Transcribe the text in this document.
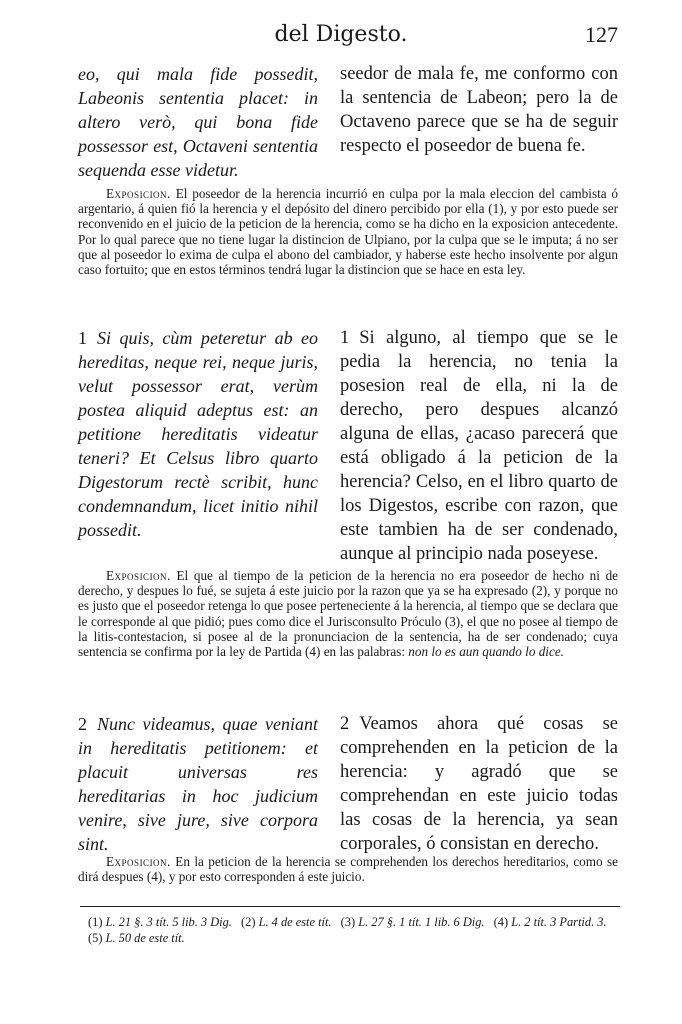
del Digesto.	127

eo, qui mala fide possedit, Labeonis sententia placet: in altero verò, qui bona fide possessor est, Octaveni sententia sequenda esse videtur.

seedor de mala fe, me conformo con la sentencia de Labeon; pero la de Octaveno parece que se ha de seguir respecto el poseedor de buena fe.

Exposicion. El poseedor de la herencia incurrió en culpa por la mala eleccion del cambista ó argentario, á quien fió la herencia y el depósito del dinero percibido por ella (1), y por esto puede ser reconvenido en el juicio de la peticion de la herencia, como se ha dicho en la exposicion antecedente. Por lo qual parece que no tiene lugar la distincion de Ulpiano, por la culpa que se le imputa; á no ser que al poseedor lo exima de culpa el abono del cambiador, y haberse este hecho insolvente por algun caso fortuito; que en estos términos tendrá lugar la distincion que se hace en esta ley.

1 Si quis, cùm peteretur ab eo hereditas, neque rei, neque juris, velut possessor erat, verùm postea aliquid adeptus est: an petitione hereditatis videatur teneri? Et Celsus libro quarto Digestorum rectè scribit, hunc condemnandum, licet initio nihil possedit.

1 Si alguno, al tiempo que se le pedia la herencia, no tenia la posesion real de ella, ni la de derecho, pero despues alcanzó alguna de ellas, ¿acaso parecerá que está obligado á la peticion de la herencia? Celso, en el libro quarto de los Digestos, escribe con razon, que este tambien ha de ser condenado, aunque al principio nada poseyese.

Exposicion. El que al tiempo de la peticion de la herencia no era poseedor de hecho ni de derecho, y despues lo fué, se sujeta á este juicio por la razon que ya se ha expresado (2), y porque no es justo que el poseedor retenga lo que posee perteneciente á la herencia, al tiempo que se declara que le corresponde al que pidió; pues como dice el Jurisconsulto Próculo (3), el que no posee al tiempo de la litis-contestacion, si posee al de la pronunciacion de la sentencia, ha de ser condenado; cuya sentencia se confirma por la ley de Partida (4) en las palabras: non lo es aun quando lo dice.

2 Nunc videamus, quae veniant in hereditatis petitionem: et placuit universas res hereditarias in hoc judicium venire, sive jure, sive corpora sint.

2 Veamos ahora qué cosas se comprehenden en la peticion de la herencia: y agradó que se comprehendan en este juicio todas las cosas de la herencia, ya sean corporales, ó consistan en derecho.

Exposicion. En la peticion de la herencia se comprehenden los derechos hereditarios, como se dirá despues (4), y por esto corresponden á este juicio.

(1) L. 21 §. 3 tít. 5 lib. 3 Dig. (2) L. 4 de este tít. (3) L. 27 §. 1 tít. 1 lib. 6 Dig. (4) L. 2 tít. 3 Partid. 3. (5) L. 50 de este tít.
